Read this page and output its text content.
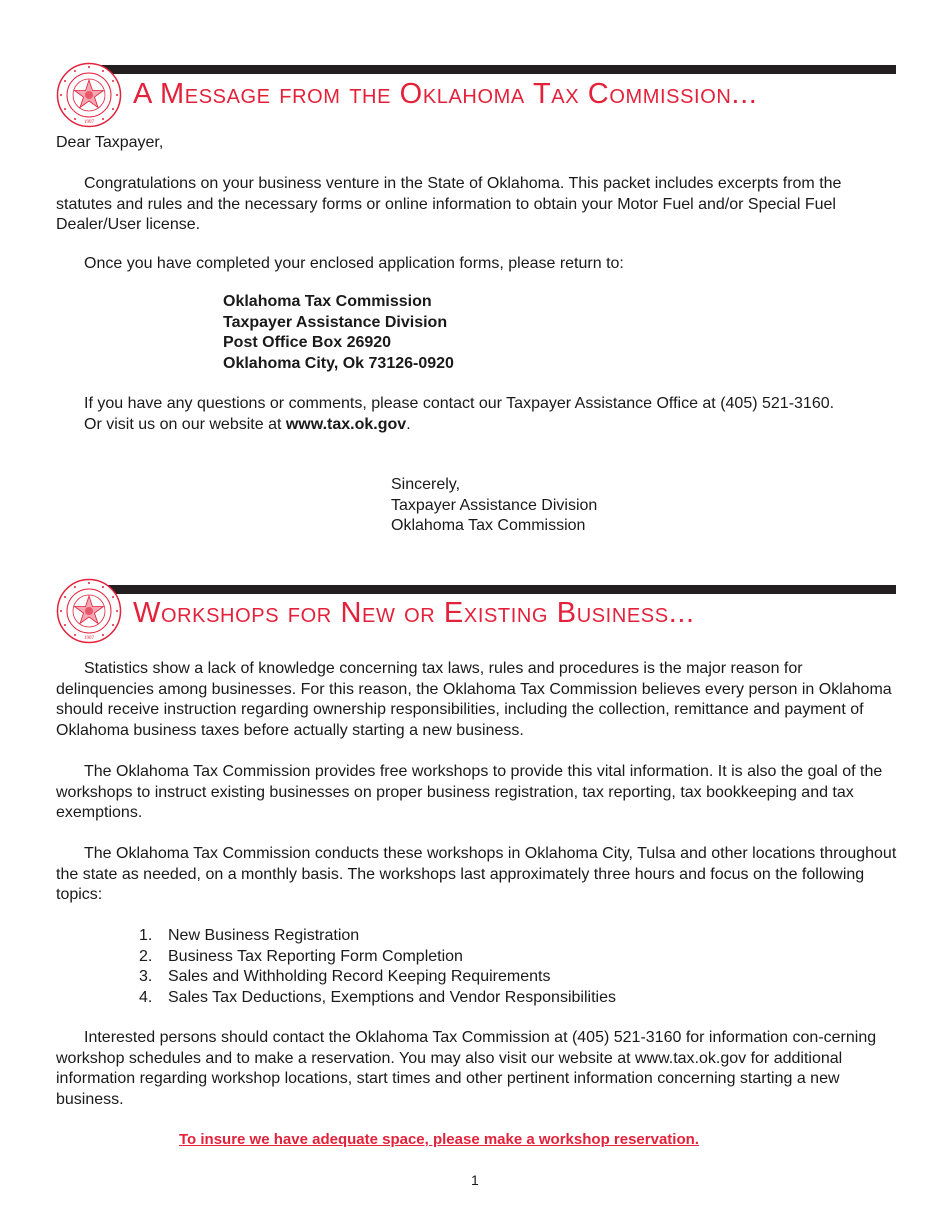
1907
A Message from the Oklahoma Tax Commission...
Dear Taxpayer,

Congratulations on your business venture in the State of Oklahoma. This packet includes excerpts from the statutes and rules and the necessary forms or online information to obtain your Motor Fuel and/or Special Fuel Dealer/User license.

Once you have completed your enclosed application forms, please return to:

Oklahoma Tax Commission
Taxpayer Assistance Division
Post Office Box 26920
Oklahoma City, Ok 73126-0920
If you have any questions or comments, please contact our Taxpayer Assistance Office at (405) 521-3160.
Or visit us on our website at www.tax.ok.gov.
Sincerely,
Taxpayer Assistance Division
Oklahoma Tax Commission
1907
Workshops for New or Existing Business...

Statistics show a lack of knowledge concerning tax laws, rules and procedures is the major reason for delinquencies among businesses. For this reason, the Oklahoma Tax Commission believes every person in Oklahoma should receive instruction regarding ownership responsibilities, including the collection, remittance and payment of Oklahoma business taxes before actually starting a new business.

The Oklahoma Tax Commission provides free workshops to provide this vital information. It is also the goal of the workshops to instruct existing businesses on proper business registration, tax reporting, tax bookkeeping and tax exemptions.

The Oklahoma Tax Commission conducts these workshops in Oklahoma City, Tulsa and other locations throughout the state as needed, on a monthly basis. The workshops last approximately three hours and focus on the following topics:

1. New Business Registration
2. Business Tax Reporting Form Completion
3. Sales and Withholding Record Keeping Requirements
4. Sales Tax Deductions, Exemptions and Vendor Responsibilities

Interested persons should contact the Oklahoma Tax Commission at (405) 521-3160 for information con-cerning workshop schedules and to make a reservation. You may also visit our website at www.tax.ok.gov for additional information regarding workshop locations, start times and other pertinent information concerning starting a new business.

To insure we have adequate space, please make a workshop reservation.
1
